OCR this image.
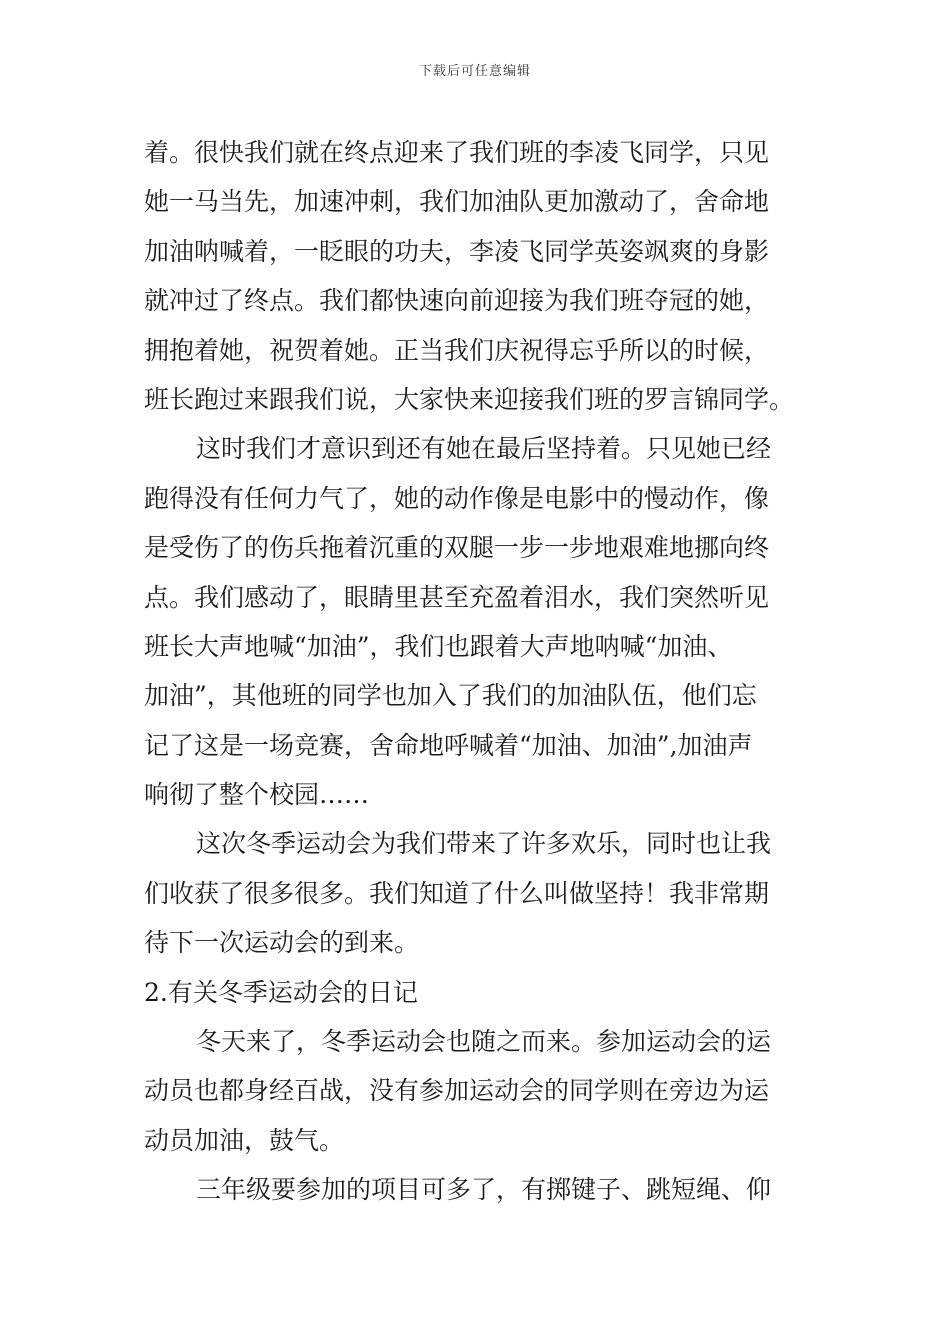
下载后可任意编辑
着。很快我们就在终点迎来了我们班的李凌飞同学，只见
她一马当先，加速冲刺，我们加油队更加激动了，舍命地
加油呐喊着，一眨眼的功夫，李凌飞同学英姿飒爽的身影
就冲过了终点。我们都快速向前迎接为我们班夺冠的她，
拥抱着她，祝贺着她。正当我们庆祝得忘乎所以的时候，
班长跑过来跟我们说，大家快来迎接我们班的罗言锦同学。
这时我们才意识到还有她在最后坚持着。只见她已经
跑得没有任何力气了，她的动作像是电影中的慢动作，像
是受伤了的伤兵拖着沉重的双腿一步一步地艰难地挪向终
点。我们感动了，眼睛里甚至充盈着泪水，我们突然听见
班长大声地喊“加油”，我们也跟着大声地呐喊“加油、
加油”，其他班的同学也加入了我们的加油队伍，他们忘
记了这是一场竞赛，舍命地呼喊着“加油、加油”,加油声
响彻了整个校园……
这次冬季运动会为我们带来了许多欢乐，同时也让我
们收获了很多很多。我们知道了什么叫做坚持！我非常期
待下一次运动会的到来。
2.有关冬季运动会的日记
冬天来了，冬季运动会也随之而来。参加运动会的运
动员也都身经百战，没有参加运动会的同学则在旁边为运
动员加油，鼓气。
三年级要参加的项目可多了，有掷键子、跳短绳、仰
